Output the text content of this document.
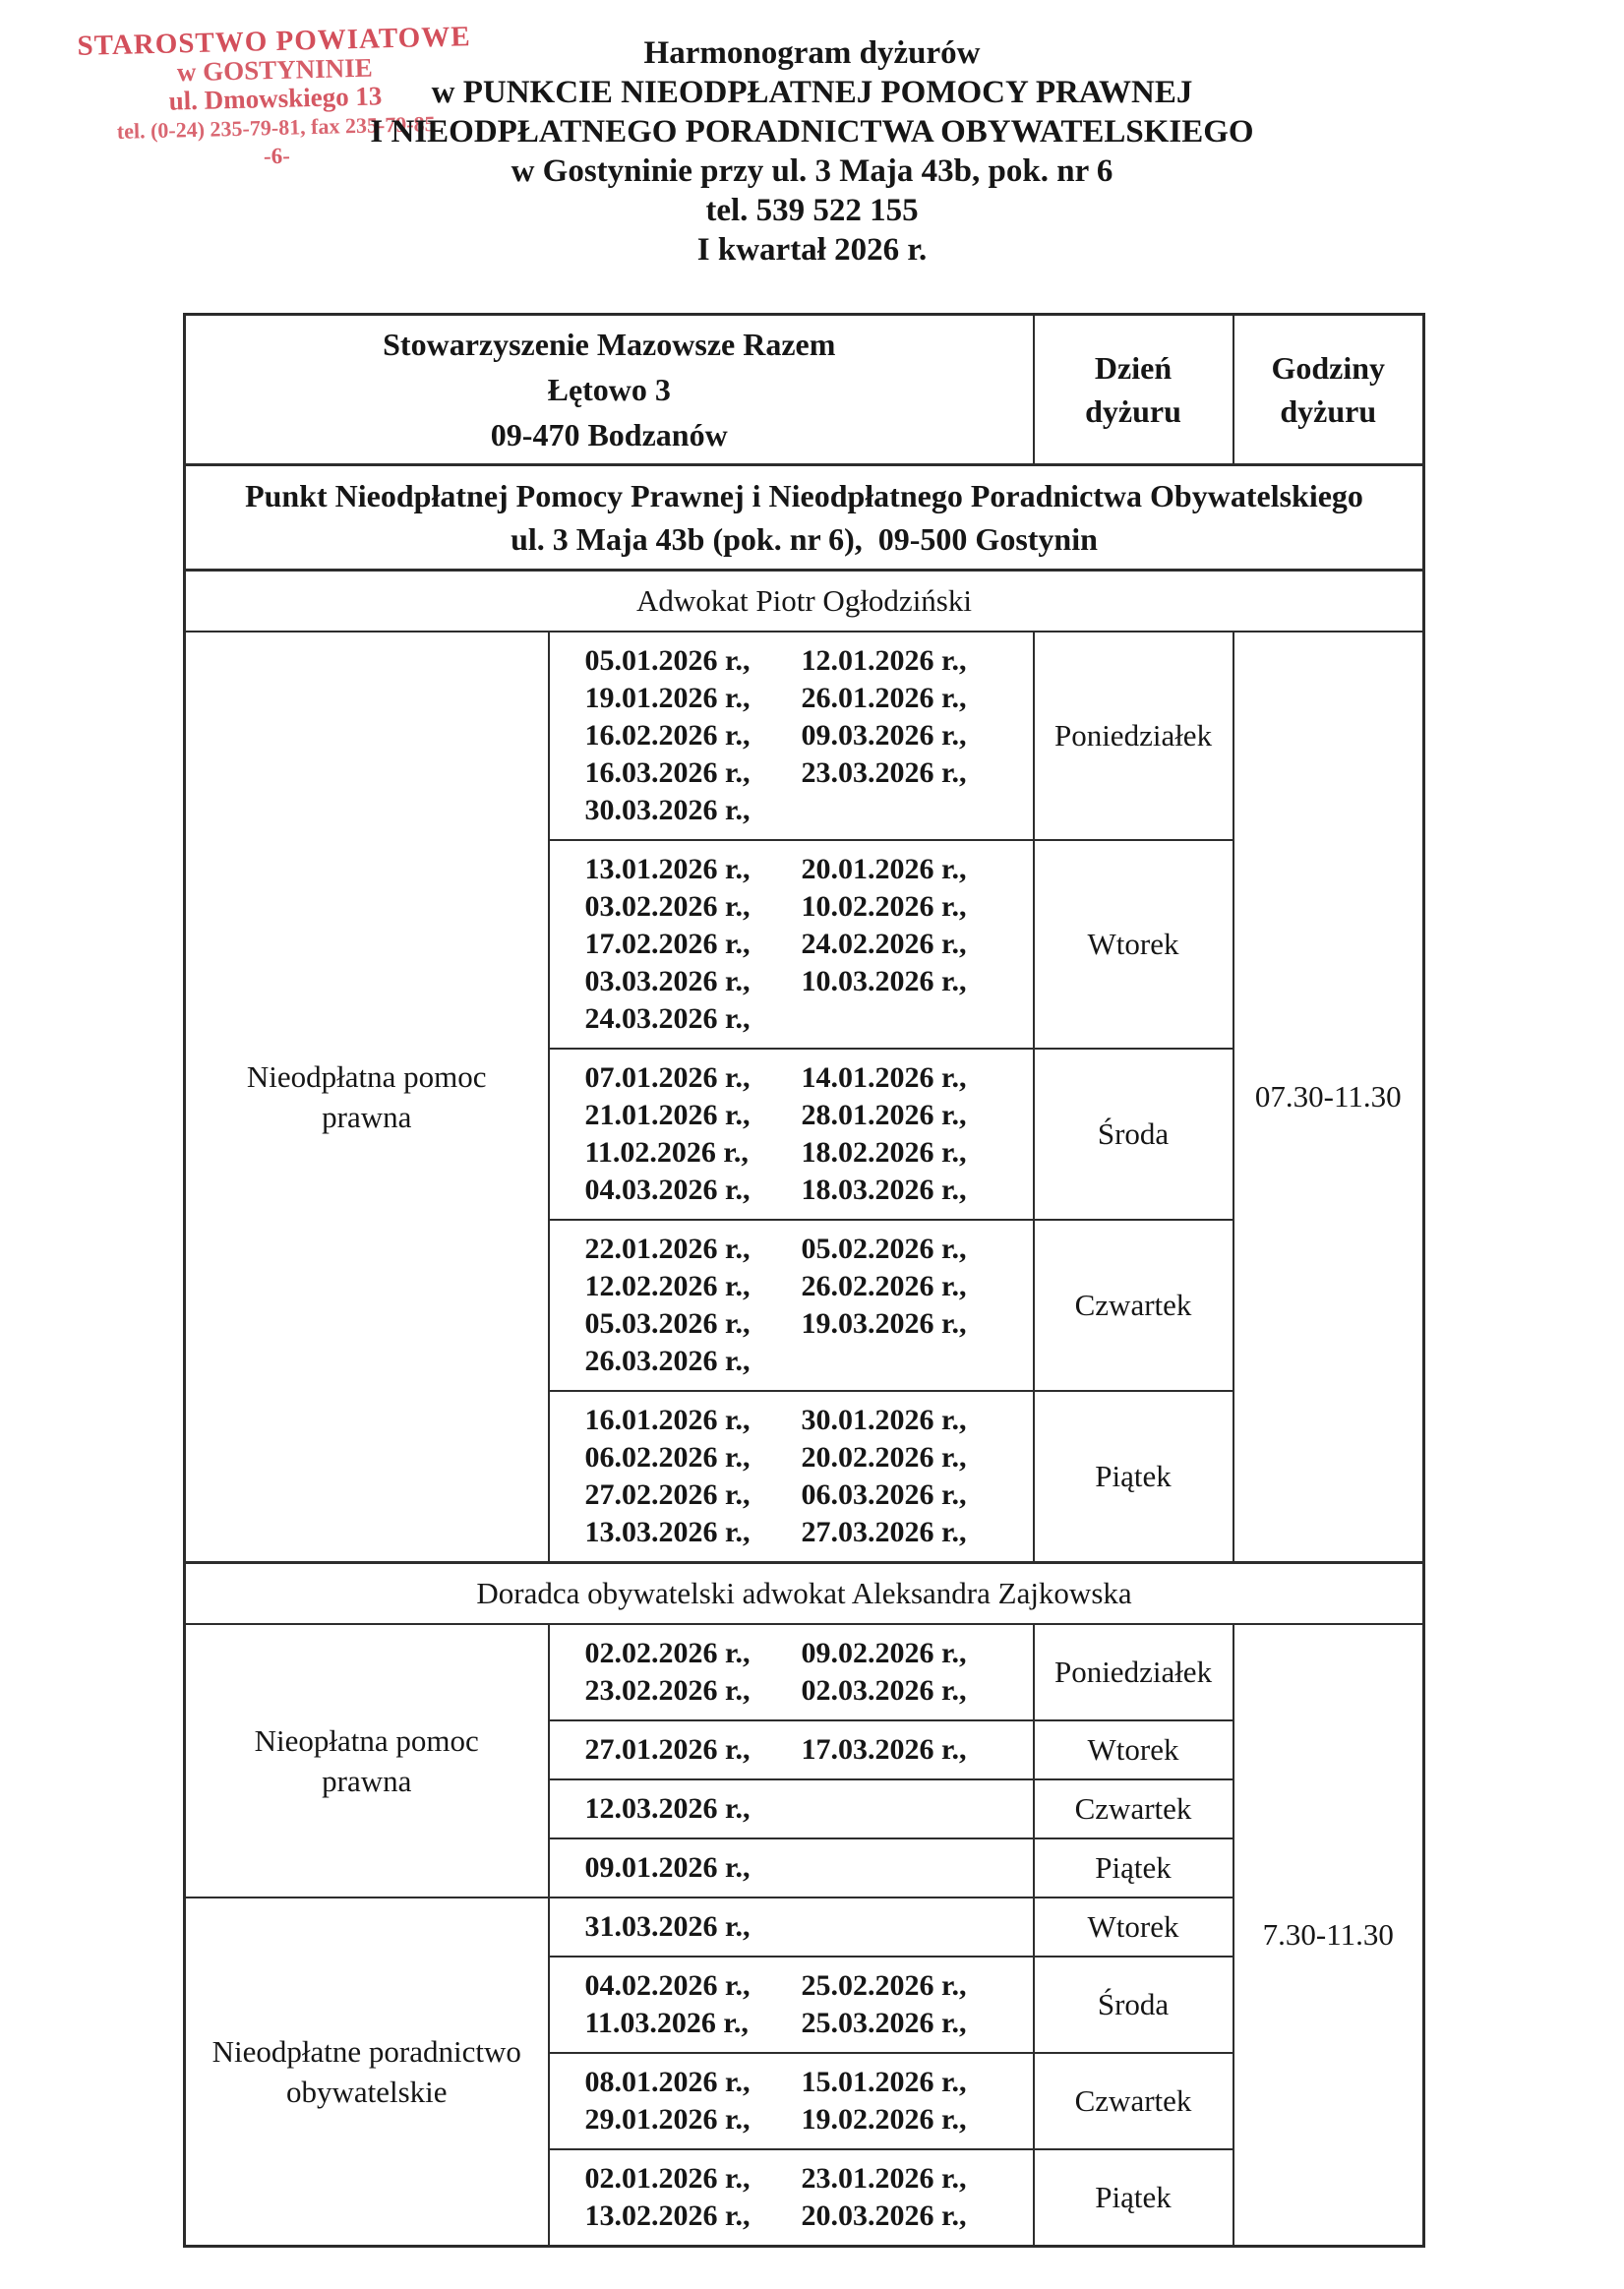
STAROSTWO POWIATOWE
w GOSTYNINIE
ul. Dmowskiego 13
tel. (0-24) 235-79-81, fax 235-79-85
-6-
Harmonogram dyżurów
w PUNKCIE NIEODPŁATNEJ POMOCY PRAWNEJ
I NIEODPŁATNEGO PORADNICTWA OBYWATELSKIEGO
w Gostyninie przy ul. 3 Maja 43b, pok. nr 6
tel. 539 522 155
I kwartał 2026 r.
Stowarzyszenie Mazowsze Razem
Łętowo 3
09-470 Bodzanów		Dzień dyżuru	Godziny dyżuru

Punkt Nieodpłatnej Pomocy Prawnej i Nieodpłatnego Poradnictwa Obywatelskiego
ul. 3 Maja 43b (pok. nr 6),  09-500 Gostynin			

Adwokat Piotr Ogłodziński			

Nieodpłatna pomoc prawna	05.01.2026 r., 12.01.2026 r.,
19.01.2026 r., 26.01.2026 r.,
16.02.2026 r., 09.03.2026 r.,
16.03.2026 r., 23.03.2026 r.,
30.03.2026 r.,	Poniedziałek	07.30-11.30

	13.01.2026 r., 20.01.2026 r.,
03.02.2026 r., 10.02.2026 r.,
17.02.2026 r., 24.02.2026 r.,
03.03.2026 r., 10.03.2026 r.,
24.03.2026 r.,	Wtorek	

	07.01.2026 r., 14.01.2026 r.,
21.01.2026 r., 28.01.2026 r.,
11.02.2026 r., 18.02.2026 r.,
04.03.2026 r., 18.03.2026 r.,	Środa	

	22.01.2026 r., 05.02.2026 r.,
12.02.2026 r., 26.02.2026 r.,
05.03.2026 r., 19.03.2026 r.,
26.03.2026 r.,	Czwartek	

	16.01.2026 r., 30.01.2026 r.,
06.02.2026 r., 20.02.2026 r.,
27.02.2026 r., 06.03.2026 r.,
13.03.2026 r., 27.03.2026 r.,	Piątek	
Doradca obywatelski adwokat Aleksandra Zajkowska			

Nieopłatna pomoc prawna	02.02.2026 r., 09.02.2026 r.,
23.02.2026 r., 02.03.2026 r.,	Poniedziałek	7.30-11.30

	27.01.2026 r., 17.03.2026 r.,	Wtorek	

	12.03.2026 r.,	Czwartek	

	09.01.2026 r.,	Piątek	

Nieodpłatne poradnictwo obywatelskie	31.03.2026 r.,	Wtorek	

	04.02.2026 r., 25.02.2026 r.,
11.03.2026 r., 25.03.2026 r.,	Środa	

	08.01.2026 r., 15.01.2026 r.,
29.01.2026 r., 19.02.2026 r.,	Czwartek	

	02.01.2026 r., 23.01.2026 r.,
13.02.2026 r., 20.03.2026 r.,	Piątek	
